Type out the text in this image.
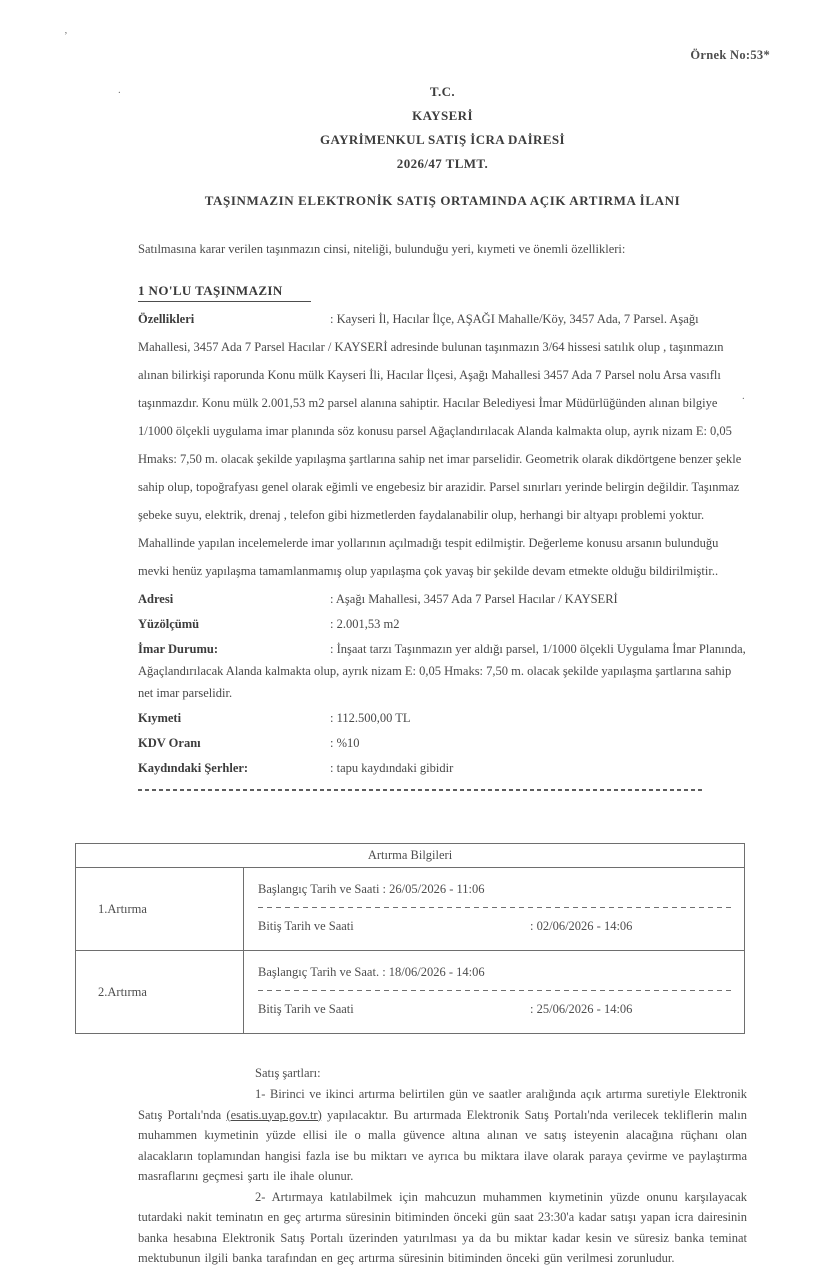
Örnek No:53*
T.C.
KAYSERİ
GAYRİMENKUL SATIŞ İCRA DAİRESİ
2026/47 TLMT.
TAŞINMAZIN ELEKTRONİK SATIŞ ORTAMINDA AÇIK ARTIRMA İLANI

Satılmasına karar verilen taşınmazın cinsi, niteliği, bulunduğu yeri, kıymeti ve önemli özellikleri:

1 NO'LU TAŞINMAZIN

Özellikleri	: Kayseri İl, Hacılar İlçe, AŞAĞI Mahalle/Köy, 3457 Ada, 7 Parsel. Aşağı Mahallesi, 3457 Ada 7 Parsel Hacılar / KAYSERİ adresinde bulunan taşınmazın 3/64 hissesi satılık olup , taşınmazın alınan bilirkişi raporunda Konu mülk Kayseri İli, Hacılar İlçesi, Aşağı Mahallesi 3457 Ada 7 Parsel nolu Arsa vasıflı taşınmazdır. Konu mülk 2.001,53 m2 parsel alanına sahiptir. Hacılar Belediyesi İmar Müdürlüğünden alınan bilgiye 1/1000 ölçekli uygulama imar planında söz konusu parsel Ağaçlandırılacak Alanda kalmakta olup, ayrık nizam E: 0,05 Hmaks: 7,50 m. olacak şekilde yapılaşma şartlarına sahip net imar parselidir. Geometrik olarak dikdörtgene benzer şekle sahip olup, topoğrafyası genel olarak eğimli ve engebesiz bir arazidir. Parsel sınırları yerinde belirgin değildir. Taşınmaz şebeke suyu, elektrik, drenaj , telefon gibi hizmetlerden faydalanabilir olup, herhangi bir altyapı problemi yoktur. Mahallinde yapılan incelemelerde imar yollarının açılmadığı tespit edilmiştir. Değerleme konusu arsanın bulunduğu mevki henüz yapılaşma tamamlanmamış olup yapılaşma çok yavaş bir şekilde devam etmekte olduğu bildirilmiştir..

Adresi	: Aşağı Mahallesi, 3457 Ada 7 Parsel Hacılar / KAYSERİ

Yüzölçümü	: 2.001,53 m2

İmar Durumu:	: İnşaat tarzı Taşınmazın yer aldığı parsel, 1/1000 ölçekli Uygulama İmar Planında, Ağaçlandırılacak Alanda kalmakta olup, ayrık nizam E: 0,05 Hmaks: 7,50 m. olacak şekilde yapılaşma şartlarına sahip net imar parselidir.

Kıymeti	: 112.500,00 TL

KDV Oranı	: %10

Kaydındaki Şerhler:	: tapu kaydındaki gibidir

Artırma Bilgileri
1.Artırma
Başlangıç Tarih ve Saati : 26/05/2026 - 11:06
Bitiş Tarih ve Saati	: 02/06/2026 - 14:06
2.Artırma
Başlangıç Tarih ve Saat. : 18/06/2026 - 14:06
Bitiş Tarih ve Saati	: 25/06/2026 - 14:06
Satış şartları:

1- Birinci ve ikinci artırma belirtilen gün ve saatler aralığında açık artırma suretiyle Elektronik Satış Portalı'nda (esatis.uyap.gov.tr) yapılacaktır. Bu artırmada Elektronik Satış Portalı'nda verilecek tekliflerin malın muhammen kıymetinin yüzde ellisi ile o malla güvence altına alınan ve satış isteyenin alacağına rüçhanı olan alacakların toplamından hangisi fazla ise bu miktarı ve ayrıca bu miktara ilave olarak paraya çevirme ve paylaştırma masraflarını geçmesi şartı ile ihale olunur.

2- Artırmaya katılabilmek için mahcuzun muhammen kıymetinin yüzde onunu karşılayacak tutardaki nakit teminatın en geç artırma süresinin bitiminden önceki gün saat 23:30'a kadar satışı yapan icra dairesinin banka hesabına Elektronik Satış Portalı üzerinden yatırılması ya da bu miktar kadar kesin ve süresiz banka teminat mektubunun ilgili banka tarafından en geç artırma süresinin bitiminden önceki gün verilmesi zorunludur.

’
.
.
